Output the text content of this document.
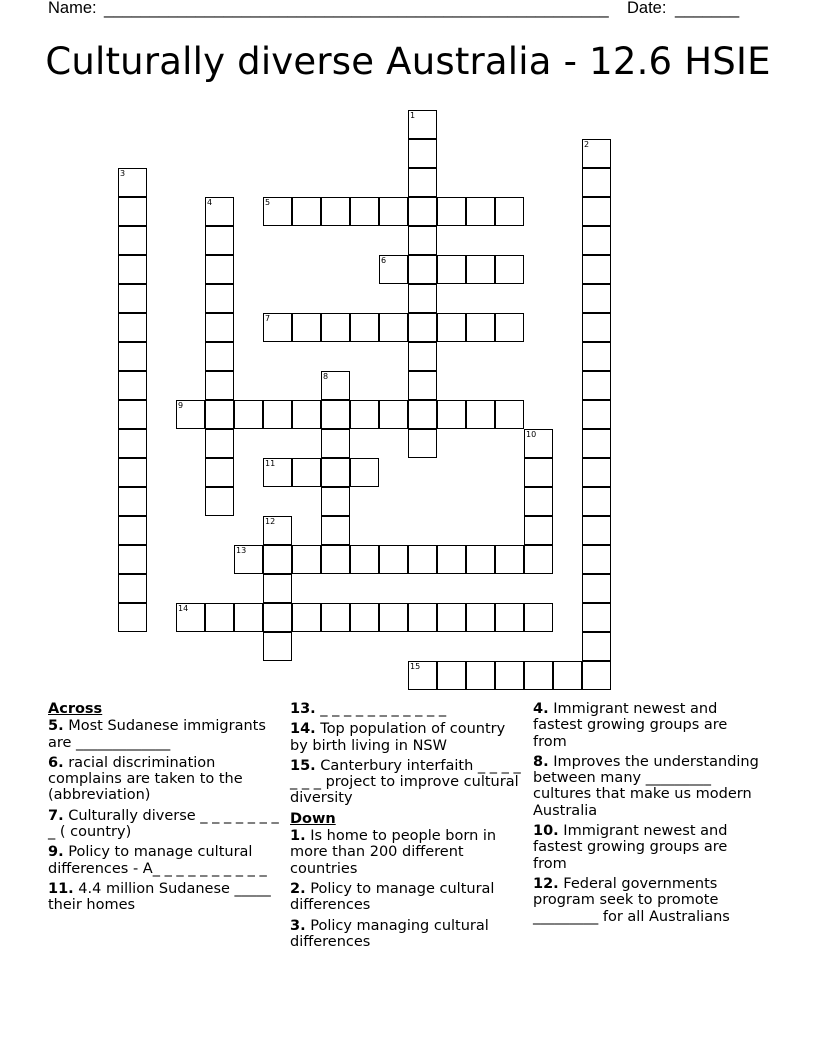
Name: _______________________________________________________ Date: _______
Culturally diverse Australia - 12.6 HSIE
1
2
3
4	5
6
7
8
9
10
11
12
13
14
15
Across
5. Most Sudanese immigrants are _____________
6. racial discrimination complains are taken to the (abbreviation)
7. Culturally diverse _ _ _ _ _ _ _ _ ( country)
9. Policy to manage cultural differences - A_ _ _ _ _ _ _ _ _ _
11. 4.4 million Sudanese _____ their homes
13. _ _ _ _ _ _ _ _ _ _ _
14. Top population of country by birth living in NSW
15. Canterbury interfaith _ _ _ _ _ _ _ project to improve cultural diversity
Down
1. Is home to people born in more than 200 different countries
2. Policy to manage cultural differences
3. Policy managing cultural differences
4. Immigrant newest and fastest growing groups are from
8. Improves the understanding between many _________ cultures that make us modern Australia
10. Immigrant newest and fastest growing groups are from
12. Federal governments program seek to promote _________ for all Australians
